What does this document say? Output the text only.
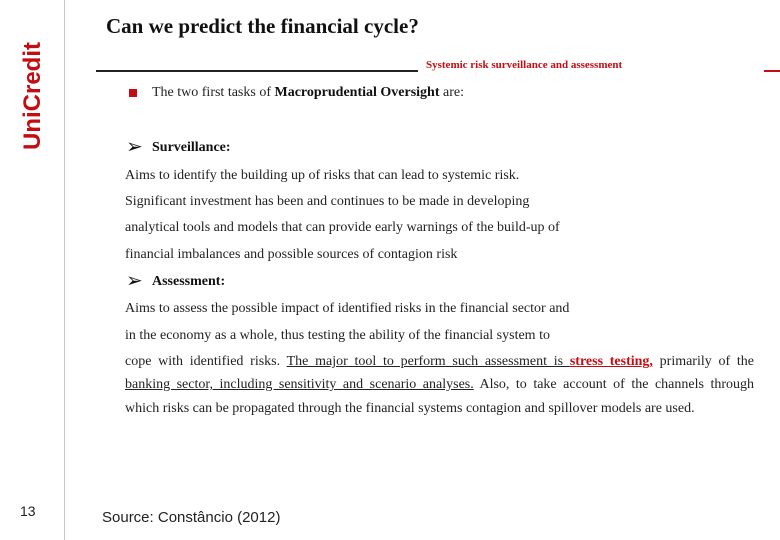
UniCredit
13
Can we predict the financial cycle?
Systemic risk surveillance and assessment
The two first tasks of Macroprudential Oversight are:
➢ Surveillance:
Aims to identify the building up of risks that can lead to systemic risk.
Significant investment has been and continues to be made in developing
analytical tools and models that can provide early warnings of the build-up of
financial imbalances and possible sources of contagion risk
➢ Assessment:
Aims to assess the possible impact of identified risks in the financial sector and
in the economy as a whole, thus testing the ability of the financial system to
cope with identified risks. The major tool to perform such assessment is stress testing, primarily of the
banking sector, including sensitivity and scenario analyses. Also, to take account of the channels through
which risks can be propagated through the financial systems contagion and spillover models are used.
Source: Constâncio (2012)
